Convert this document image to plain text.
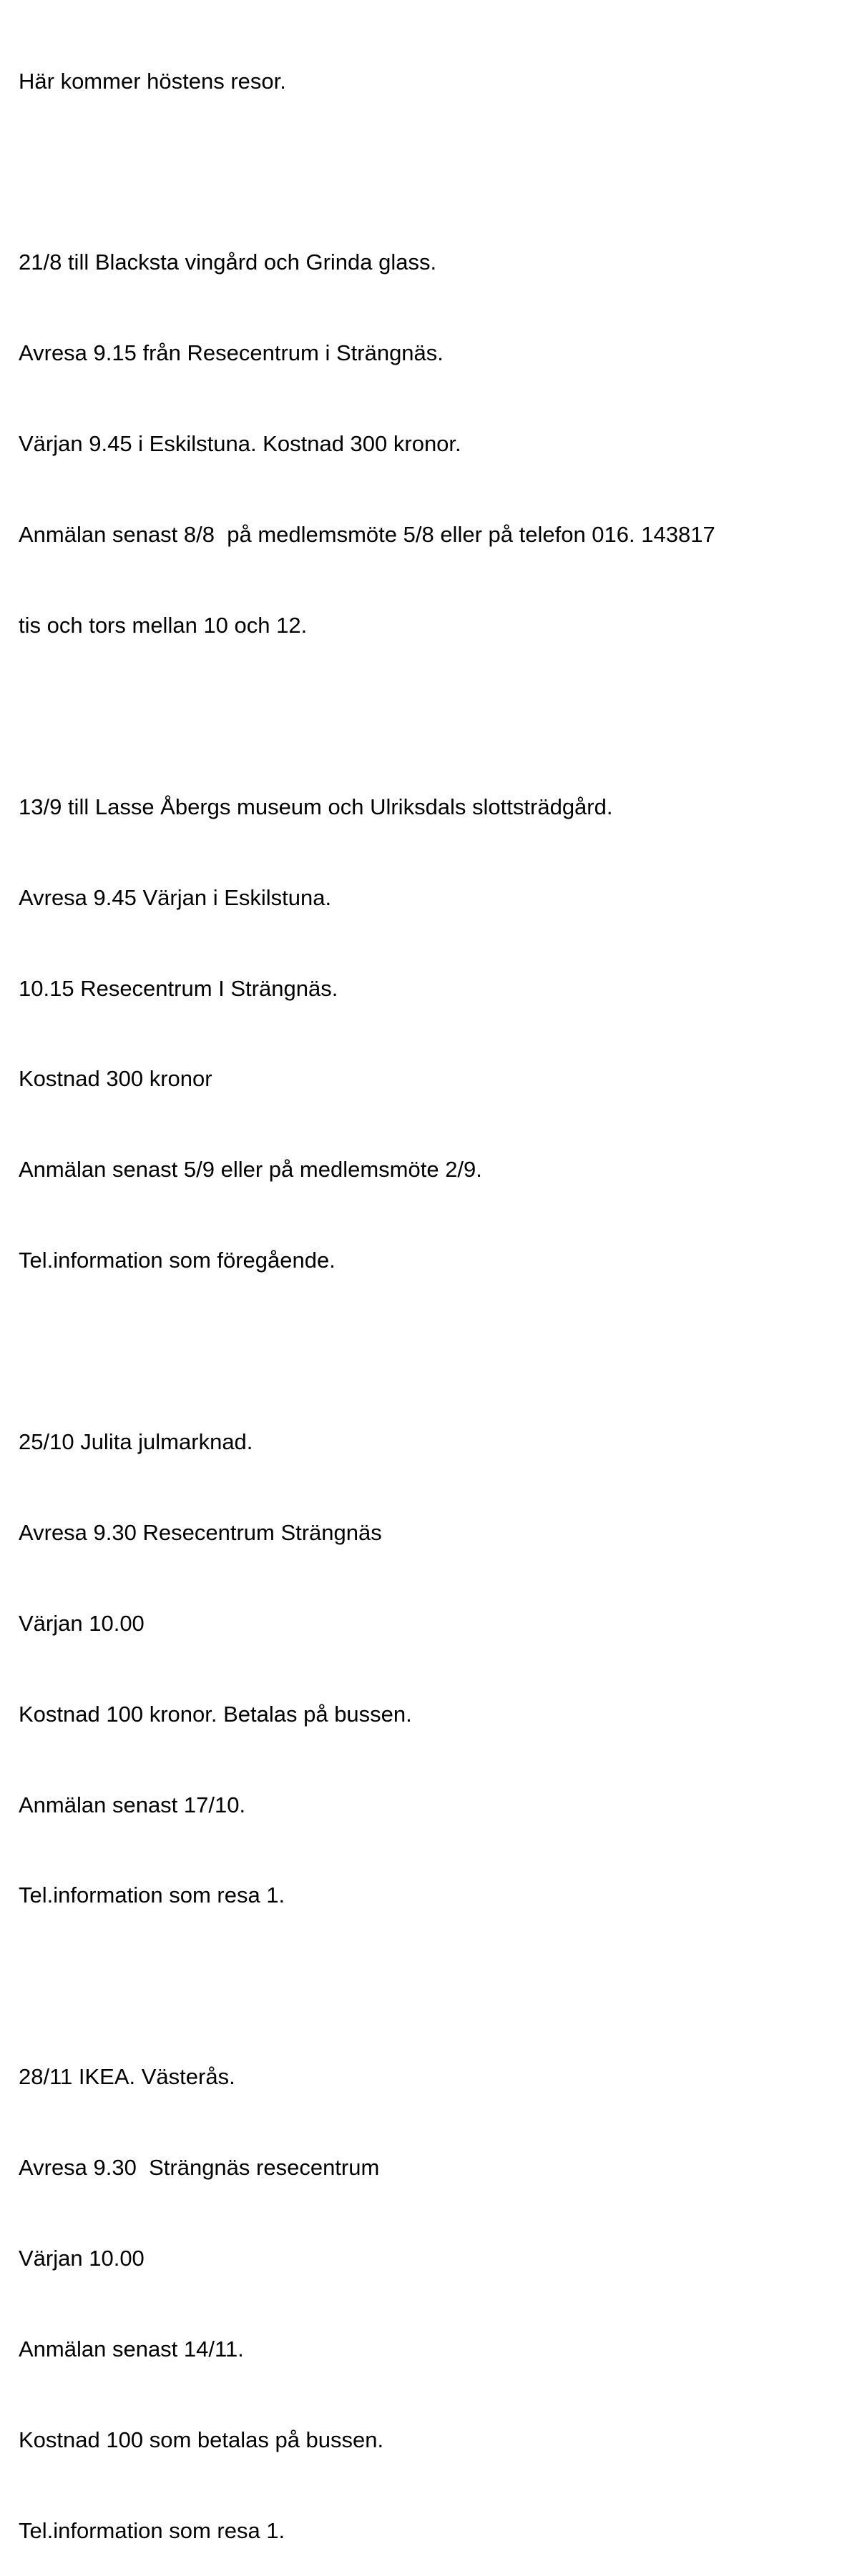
Här kommer höstens resor.

21/8 till Blacksta vingård och Grinda glass.

Avresa 9.15 från Resecentrum i Strängnäs.

Värjan 9.45 i Eskilstuna. Kostnad 300 kronor.

Anmälan senast 8/8  på medlemsmöte 5/8 eller på telefon 016. 143817

tis och tors mellan 10 och 12.

13/9 till Lasse Åbergs museum och Ulriksdals slottsträdgård.

Avresa 9.45 Värjan i Eskilstuna.

10.15 Resecentrum I Strängnäs.

Kostnad 300 kronor

Anmälan senast 5/9 eller på medlemsmöte 2/9.

Tel.information som föregående.

25/10 Julita julmarknad.

Avresa 9.30 Resecentrum Strängnäs

Värjan 10.00

Kostnad 100 kronor. Betalas på bussen.

Anmälan senast 17/10.

Tel.information som resa 1.

28/11 IKEA. Västerås.

Avresa 9.30  Strängnäs resecentrum

Värjan 10.00

Anmälan senast 14/11.

Kostnad 100 som betalas på bussen.

Tel.information som resa 1.
